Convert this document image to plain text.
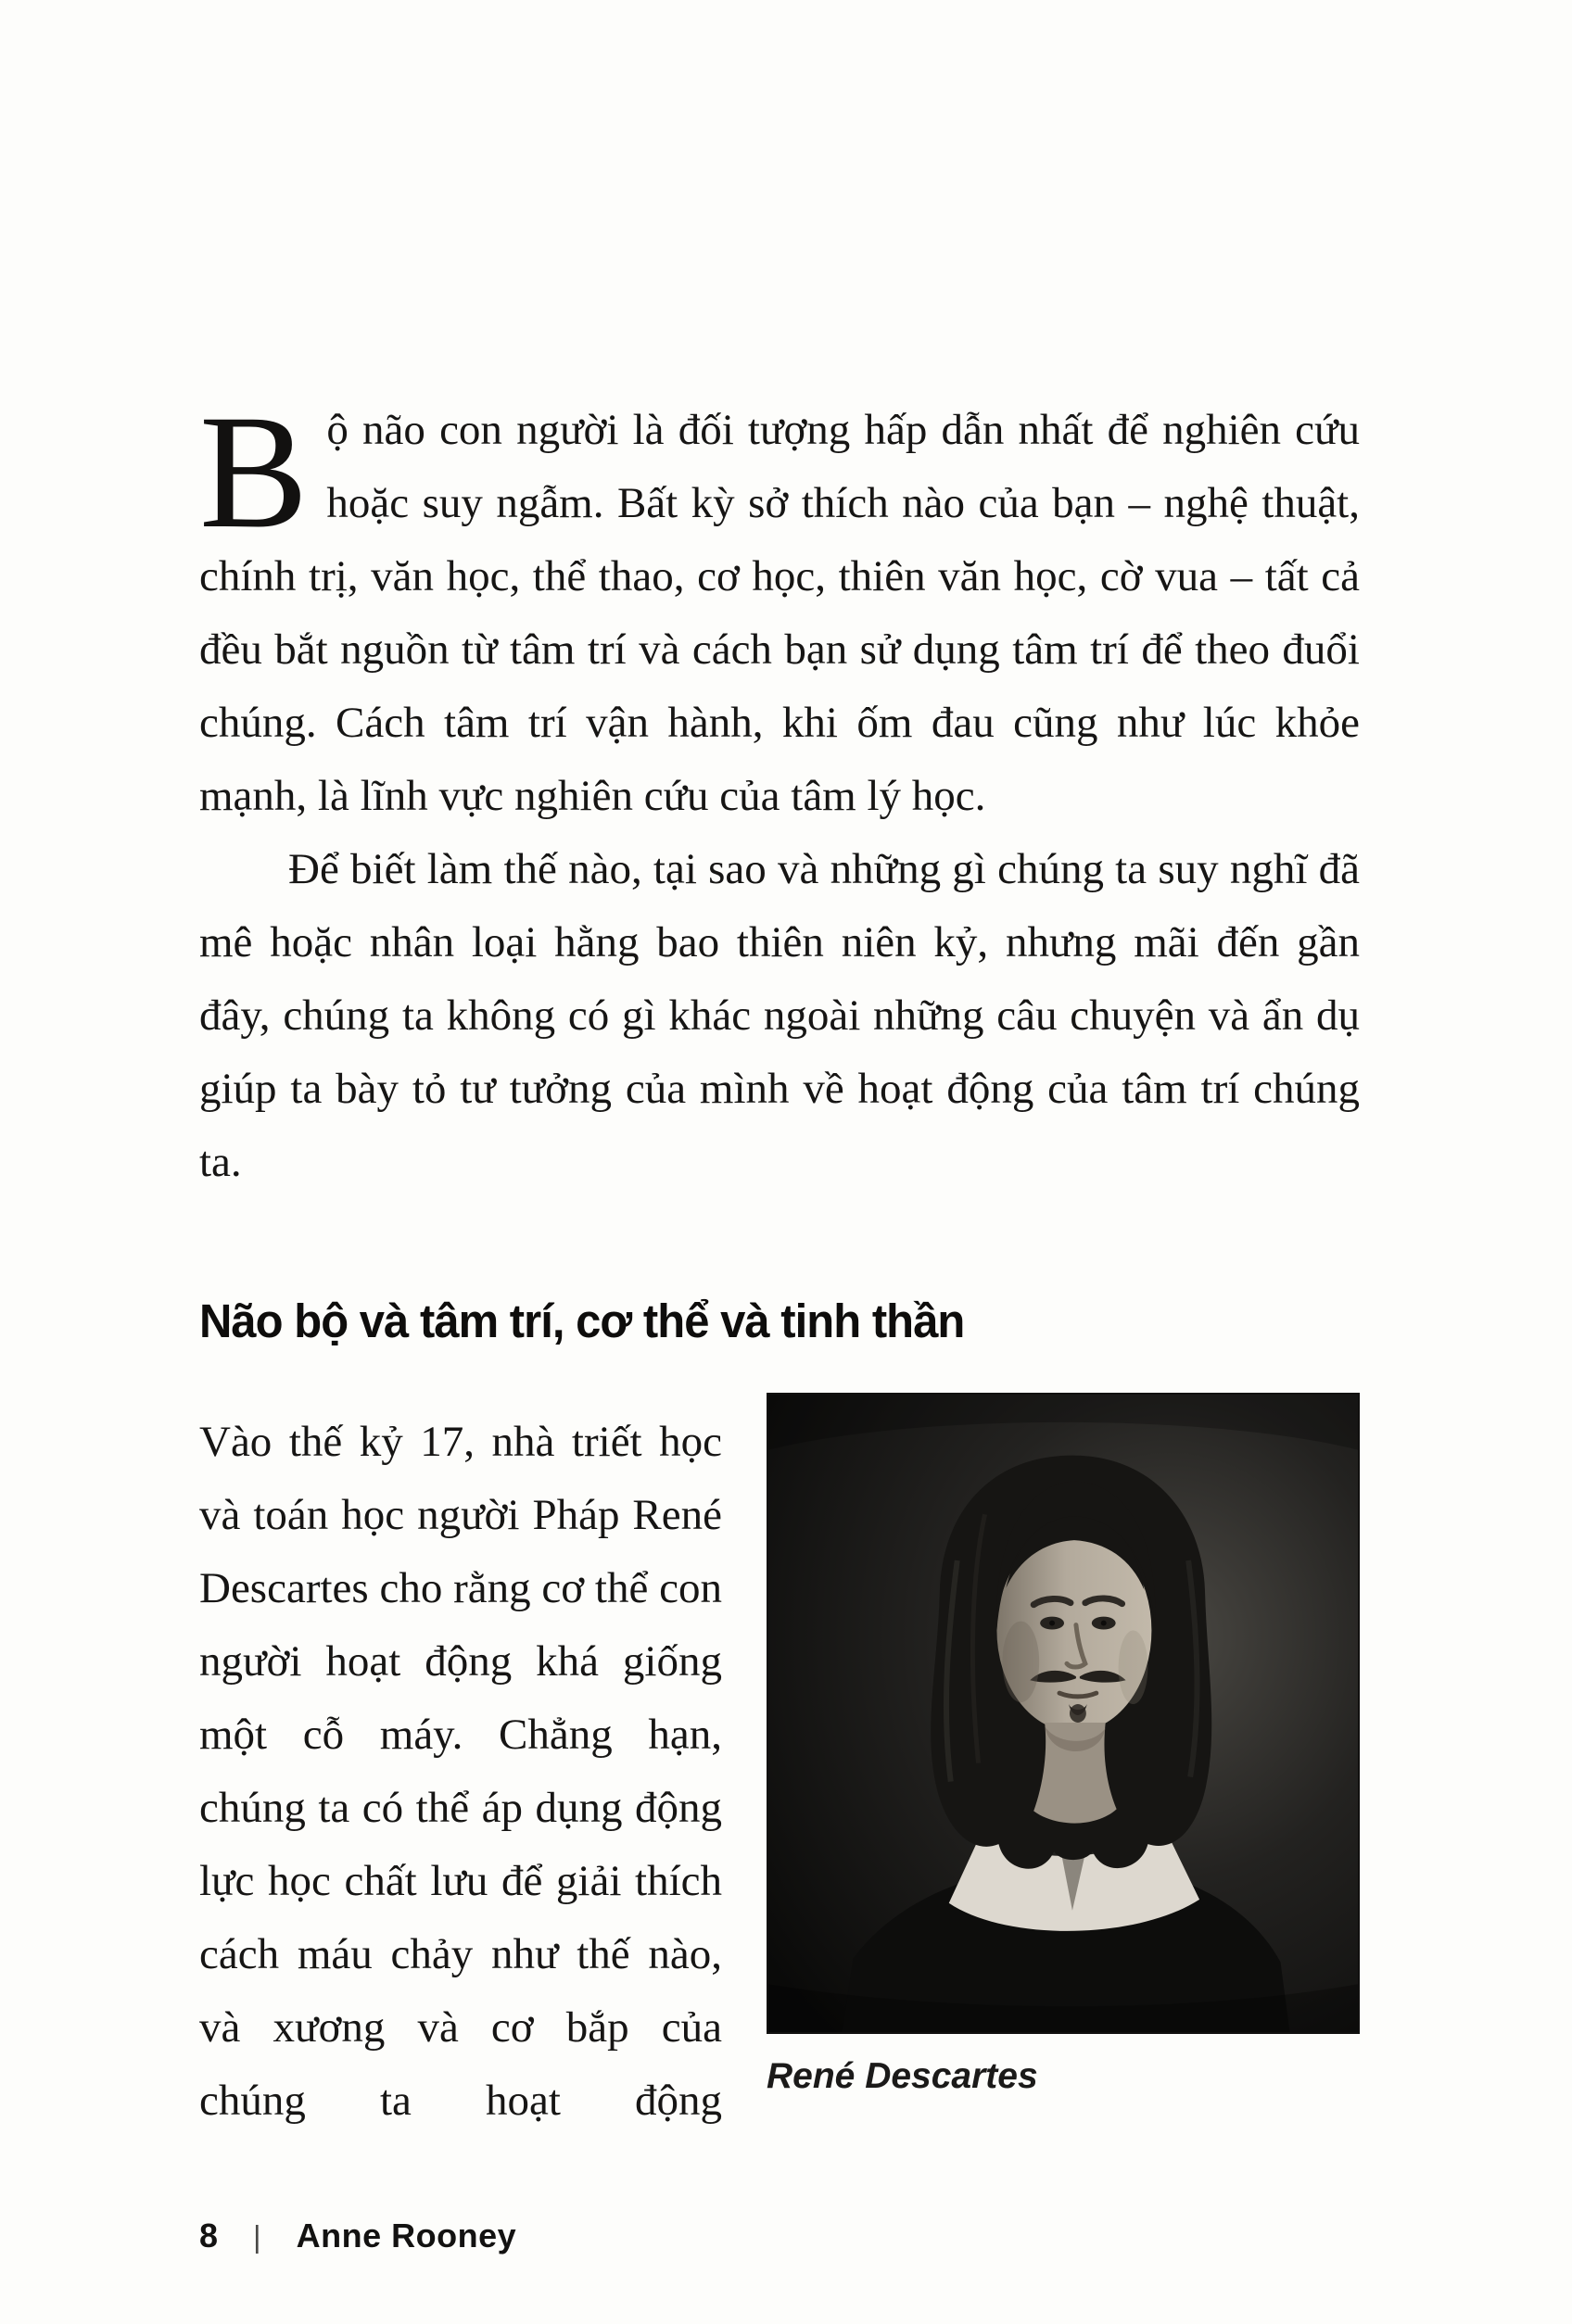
Bộ não con người là đối tượng hấp dẫn nhất để nghiên cứu hoặc suy ngẫm. Bất kỳ sở thích nào của bạn – nghệ thuật, chính trị, văn học, thể thao, cơ học, thiên văn học, cờ vua – tất cả đều bắt nguồn từ tâm trí và cách bạn sử dụng tâm trí để theo đuổi chúng. Cách tâm trí vận hành, khi ốm đau cũng như lúc khỏe mạnh, là lĩnh vực nghiên cứu của tâm lý học.

Để biết làm thế nào, tại sao và những gì chúng ta suy nghĩ đã mê hoặc nhân loại hằng bao thiên niên kỷ, nhưng mãi đến gần đây, chúng ta không có gì khác ngoài những câu chuyện và ẩn dụ giúp ta bày tỏ tư tưởng của mình về hoạt động của tâm trí chúng ta.

Não bộ và tâm trí, cơ thể và tinh thần

Vào thế kỷ 17, nhà triết học và toán học người Pháp René Descartes cho rằng cơ thể con người hoạt động khá giống một cỗ máy. Chẳng hạn, chúng ta có thể áp dụng động lực học chất lưu để giải thích cách máu chảy như thế nào, và xương và cơ bắp của chúng ta hoạt động

René Descartes
8 | Anne Rooney
